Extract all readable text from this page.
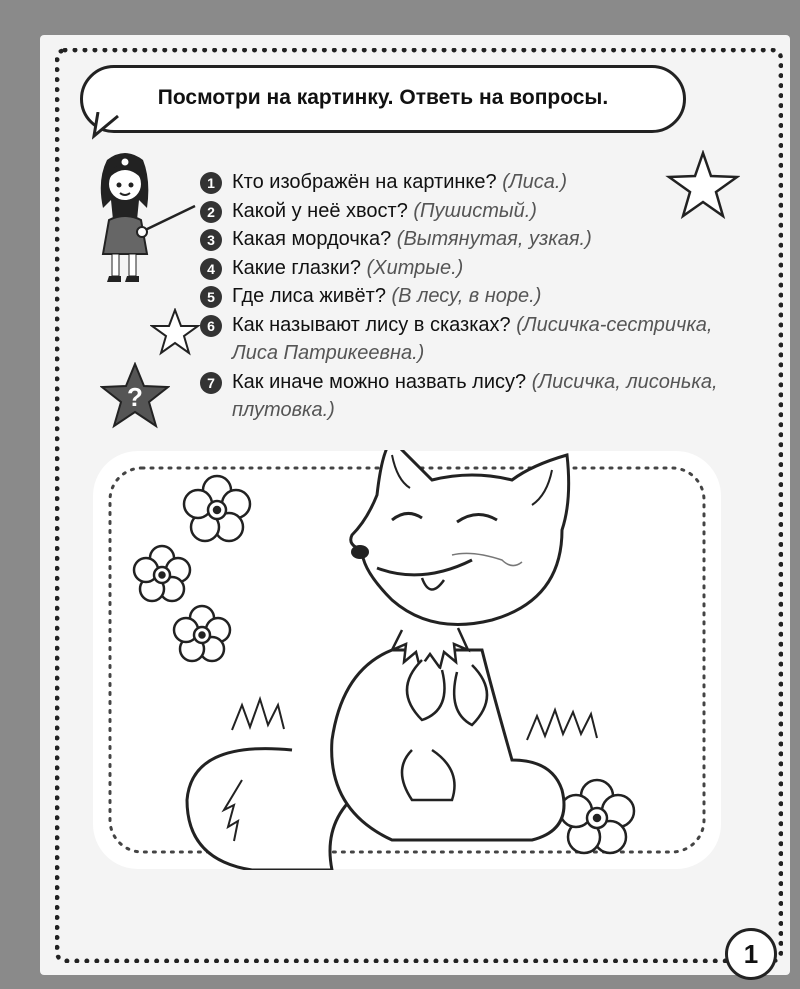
Посмотри на картинку. Ответь на вопросы.
1 Кто изображён на картинке? (Лиса.)
2 Какой у неё хвост? (Пушистый.)
3 Какая мордочка? (Вытянутая, узкая.)
4 Какие глазки? (Хитрые.)
5 Где лиса живёт? (В лесу, в норе.)
6 Как называют лису в сказках? (Лисичка-сестричка, Лиса Патрикеевна.)
7 Как иначе можно назвать лису? (Лисичка, лисонька, плутовка.)
?
1
